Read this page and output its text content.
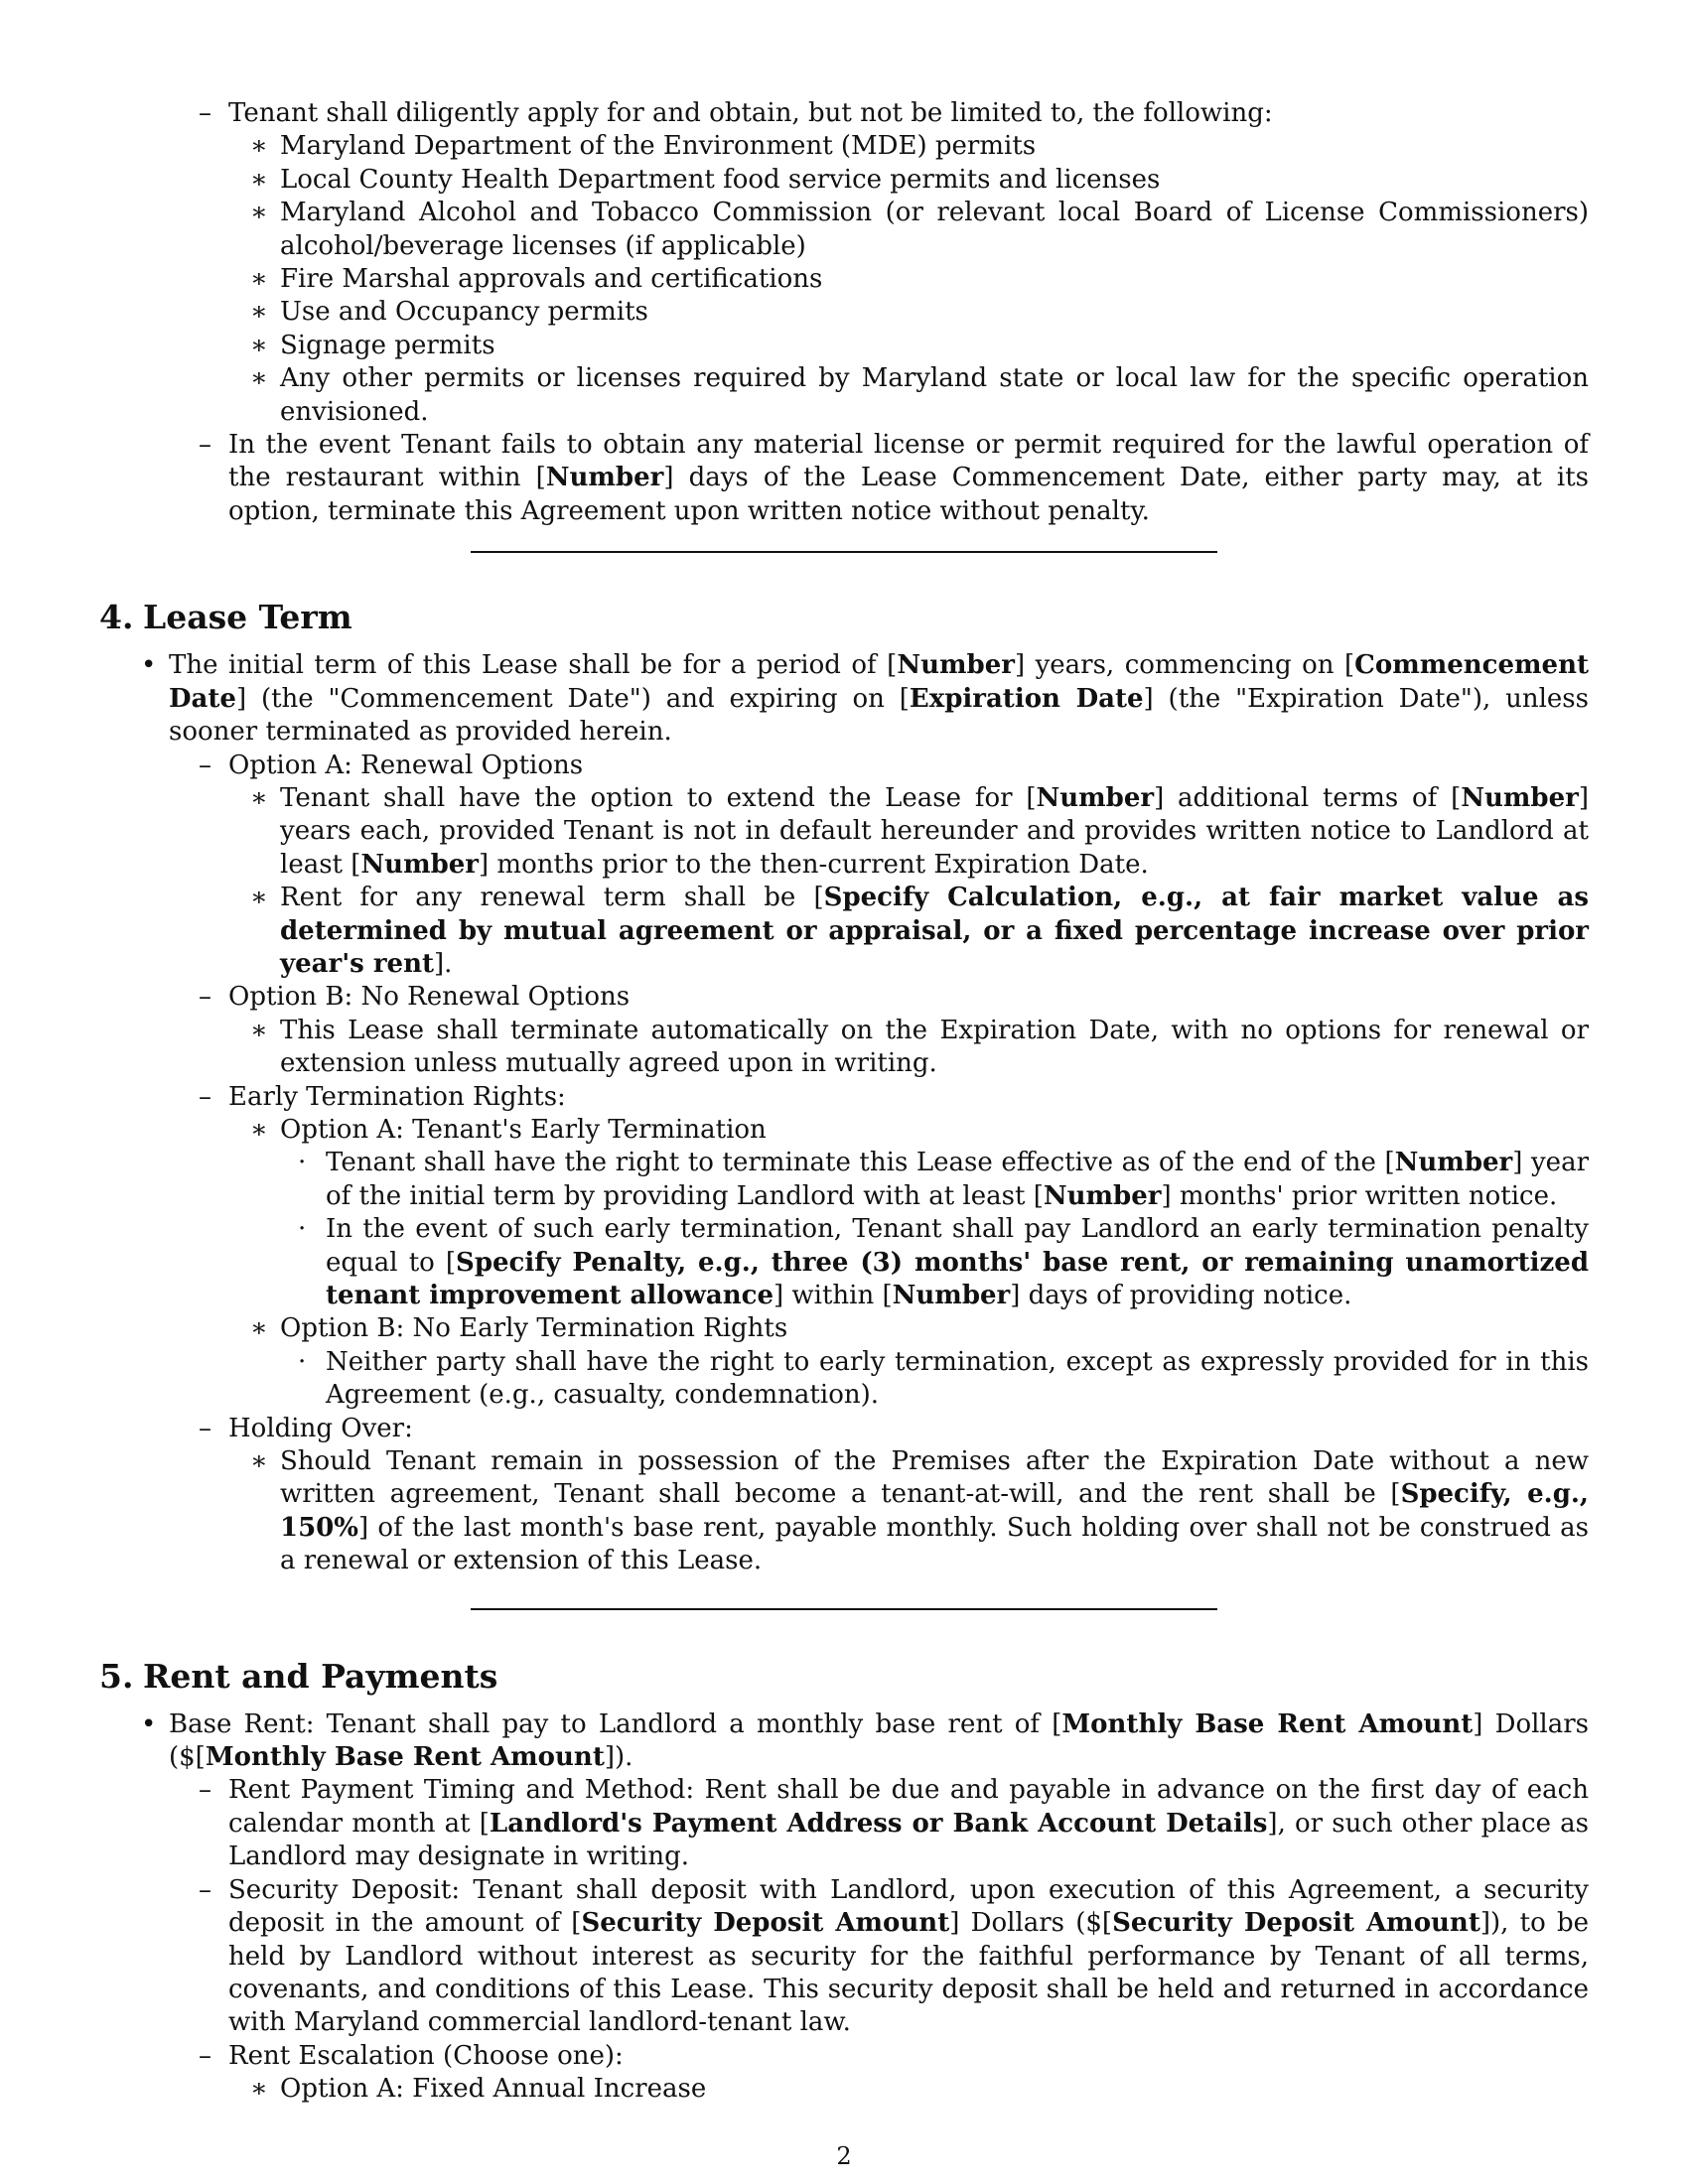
– Tenant shall diligently apply for and obtain, but not be limited to, the following:
∗ Maryland Department of the Environment (MDE) permits
∗ Local County Health Department food service permits and licenses
∗ Maryland Alcohol and Tobacco Commission (or relevant local Board of License Commissioners) alcohol/beverage licenses (if applicable)
∗ Fire Marshal approvals and certifications
∗ Use and Occupancy permits
∗ Signage permits
∗ Any other permits or licenses required by Maryland state or local law for the specific operation envisioned.
– In the event Tenant fails to obtain any material license or permit required for the lawful operation of the restaurant within [Number] days of the Lease Commencement Date, either party may, at its option, terminate this Agreement upon written notice without penalty.
4. Lease Term
• The initial term of this Lease shall be for a period of [Number] years, commencing on [Commencement Date] (the "Commencement Date") and expiring on [Expiration Date] (the "Expiration Date"), unless sooner terminated as provided herein.
– Option A: Renewal Options
∗ Tenant shall have the option to extend the Lease for [Number] additional terms of [Number] years each, provided Tenant is not in default hereunder and provides written notice to Landlord at least [Number] months prior to the then-current Expiration Date.
∗ Rent for any renewal term shall be [Specify Calculation, e.g., at fair market value as determined by mutual agreement or appraisal, or a fixed percentage increase over prior year's rent].
– Option B: No Renewal Options
∗ This Lease shall terminate automatically on the Expiration Date, with no options for renewal or extension unless mutually agreed upon in writing.
– Early Termination Rights:
∗ Option A: Tenant's Early Termination
· Tenant shall have the right to terminate this Lease effective as of the end of the [Number] year of the initial term by providing Landlord with at least [Number] months' prior written notice.
· In the event of such early termination, Tenant shall pay Landlord an early termination penalty equal to [Specify Penalty, e.g., three (3) months' base rent, or remaining unamortized tenant improvement allowance] within [Number] days of providing notice.
∗ Option B: No Early Termination Rights
· Neither party shall have the right to early termination, except as expressly provided for in this Agreement (e.g., casualty, condemnation).
– Holding Over:
∗ Should Tenant remain in possession of the Premises after the Expiration Date without a new written agreement, Tenant shall become a tenant-at-will, and the rent shall be [Specify, e.g., 150%] of the last month's base rent, payable monthly. Such holding over shall not be construed as a renewal or extension of this Lease.
5. Rent and Payments
• Base Rent: Tenant shall pay to Landlord a monthly base rent of [Monthly Base Rent Amount] Dollars ($[Monthly Base Rent Amount]).
– Rent Payment Timing and Method: Rent shall be due and payable in advance on the first day of each calendar month at [Landlord's Payment Address or Bank Account Details], or such other place as Landlord may designate in writing.
– Security Deposit: Tenant shall deposit with Landlord, upon execution of this Agreement, a security deposit in the amount of [Security Deposit Amount] Dollars ($[Security Deposit Amount]), to be held by Landlord without interest as security for the faithful performance by Tenant of all terms, covenants, and conditions of this Lease. This security deposit shall be held and returned in accordance with Maryland commercial landlord-tenant law.
– Rent Escalation (Choose one):
∗ Option A: Fixed Annual Increase
2
